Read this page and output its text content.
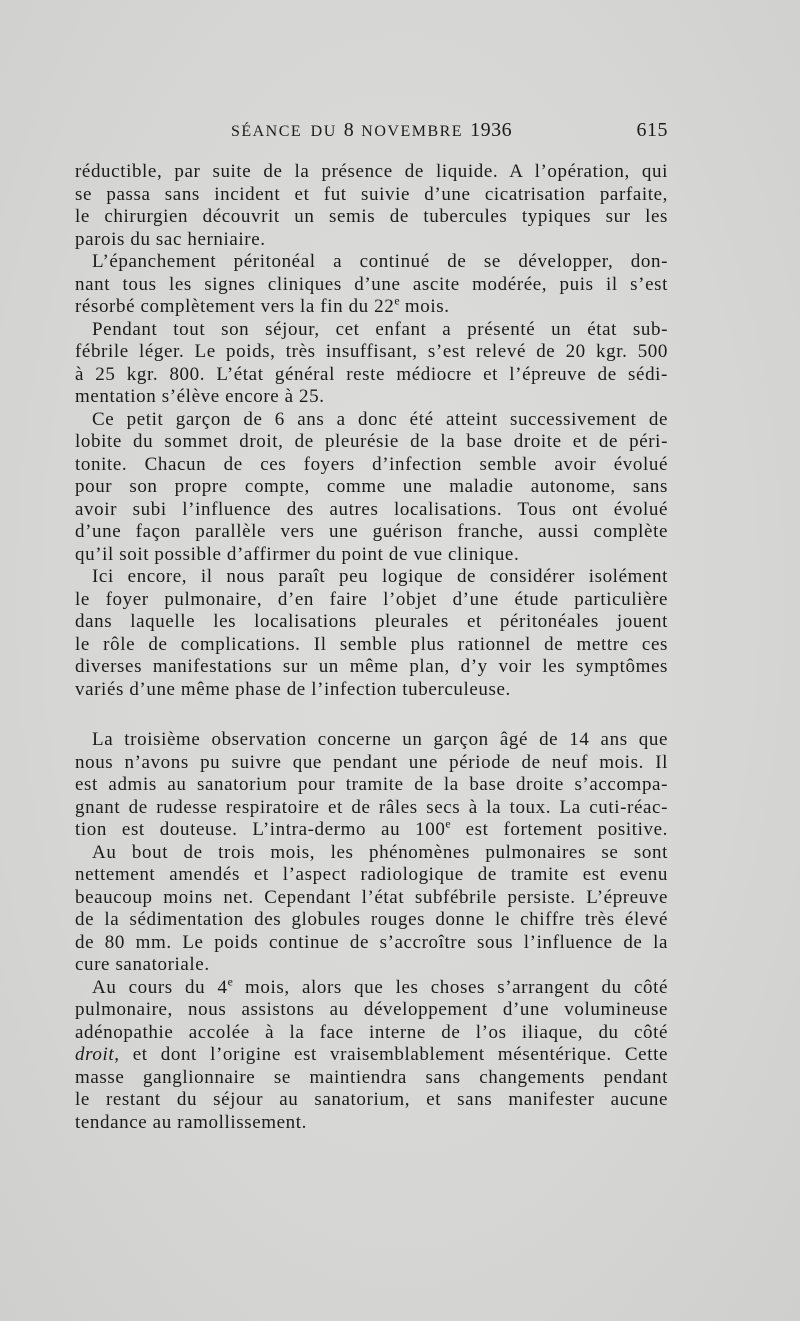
SÉANCE DU 8 NOVEMBRE 1936	615
réductible, par suite de la présence de liquide. A l’opération, qui
se passa sans incident et fut suivie d’une cicatrisation parfaite,
le chirurgien découvrit un semis de tubercules typiques sur les
parois du sac herniaire.
L’épanchement péritonéal a continué de se développer, don-
nant tous les signes cliniques d’une ascite modérée, puis il s’est
résorbé complètement vers la fin du 22e mois.
Pendant tout son séjour, cet enfant a présenté un état sub-
fébrile léger. Le poids, très insuffisant, s’est relevé de 20 kgr. 500
à 25 kgr. 800. L’état général reste médiocre et l’épreuve de sédi-
mentation s’élève encore à 25.
Ce petit garçon de 6 ans a donc été atteint successivement de
lobite du sommet droit, de pleurésie de la base droite et de péri-
tonite. Chacun de ces foyers d’infection semble avoir évolué
pour son propre compte, comme une maladie autonome, sans
avoir subi l’influence des autres localisations. Tous ont évolué
d’une façon parallèle vers une guérison franche, aussi complète
qu’il soit possible d’affirmer du point de vue clinique.
Ici encore, il nous paraît peu logique de considérer isolément
le foyer pulmonaire, d’en faire l’objet d’une étude particulière
dans laquelle les localisations pleurales et péritonéales jouent
le rôle de complications. Il semble plus rationnel de mettre ces
diverses manifestations sur un même plan, d’y voir les symptômes
variés d’une même phase de l’infection tuberculeuse.
La troisième observation concerne un garçon âgé de 14 ans que
nous n’avons pu suivre que pendant une période de neuf mois. Il
est admis au sanatorium pour tramite de la base droite s’accompa-
gnant de rudesse respiratoire et de râles secs à la toux. La cuti-réac-
tion est douteuse. L’intra-dermo au 100e est fortement positive.
Au bout de trois mois, les phénomènes pulmonaires se sont
nettement amendés et l’aspect radiologique de tramite est evenu
beaucoup moins net. Cependant l’état subfébrile persiste. L’épreuve
de la sédimentation des globules rouges donne le chiffre très élevé
de 80 mm. Le poids continue de s’accroître sous l’influence de la
cure sanatoriale.
Au cours du 4e mois, alors que les choses s’arrangent du côté
pulmonaire, nous assistons au développement d’une volumineuse
adénopathie accolée à la face interne de l’os iliaque, du côté
droit, et dont l’origine est vraisemblablement mésentérique. Cette
masse ganglionnaire se maintiendra sans changements pendant
le restant du séjour au sanatorium, et sans manifester aucune
tendance au ramollissement.
